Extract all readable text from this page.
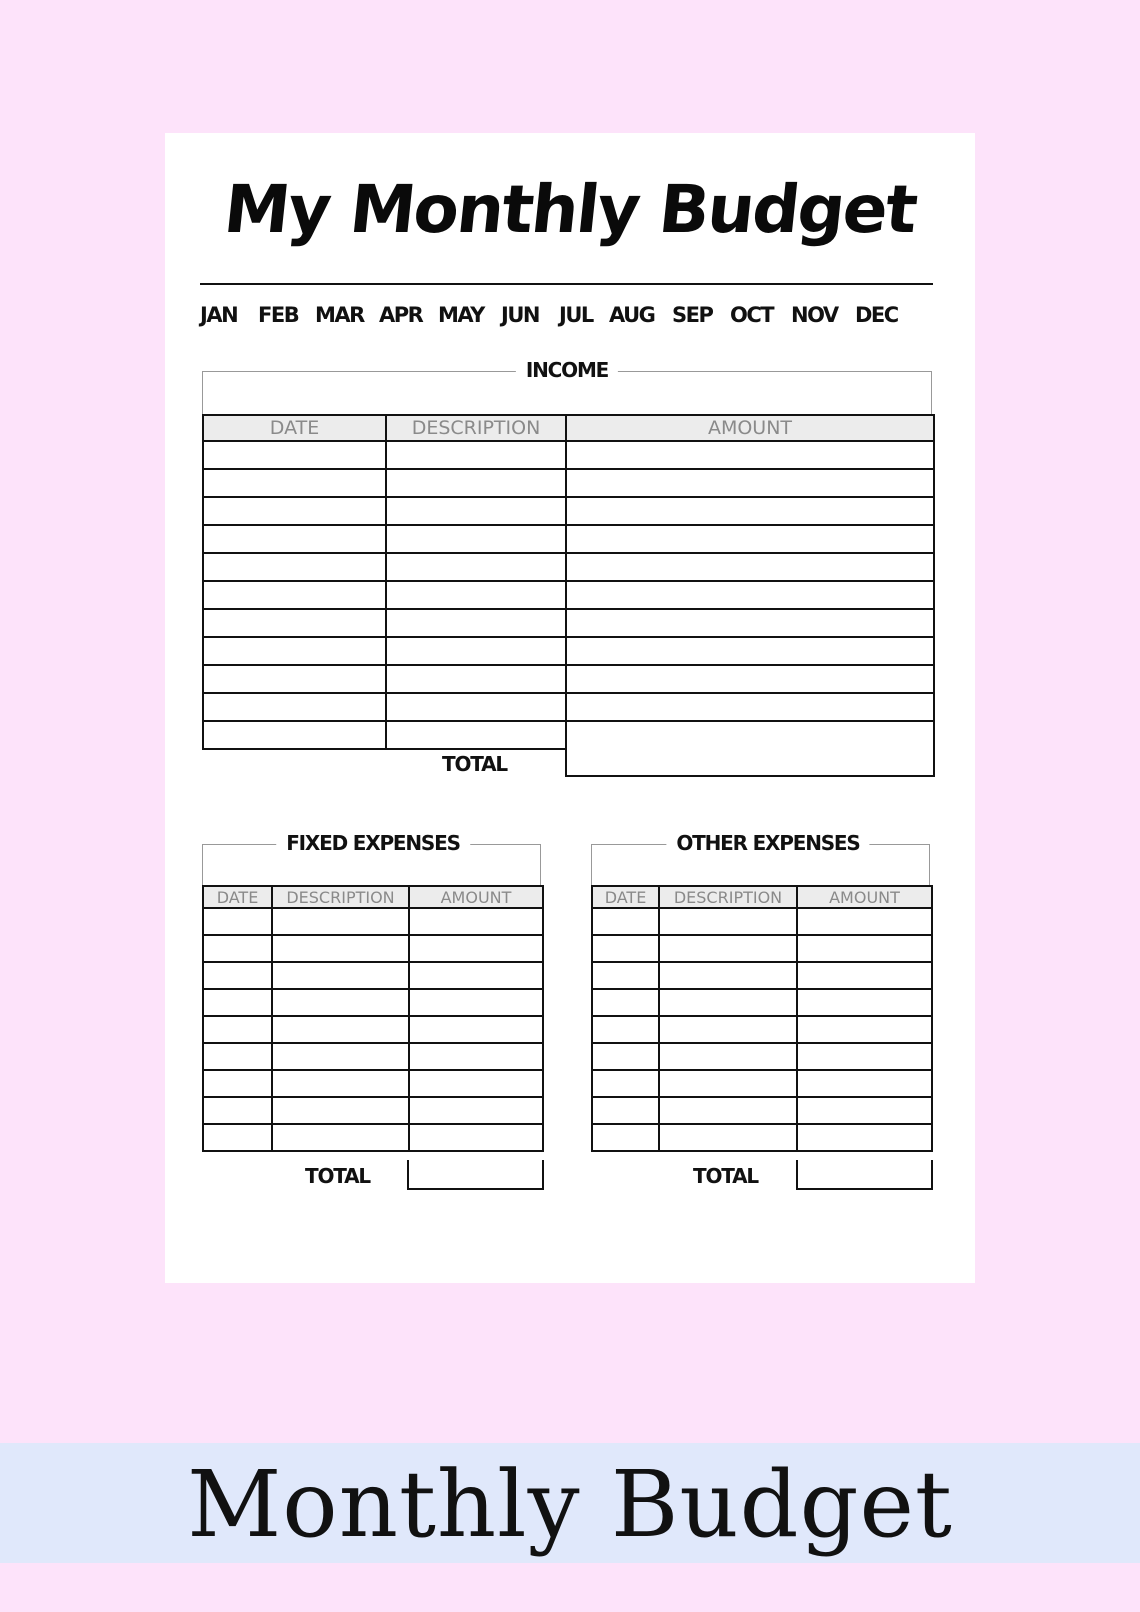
My Monthly Budget
JAN FEB MAR APR MAY JUN JUL AUG SEP OCT NOV DEC
INCOME
DATE	DESCRIPTION	AMOUNT

TOTAL
FIXED EXPENSES
DATE	DESCRIPTION	AMOUNT

TOTAL
OTHER EXPENSES
DATE	DESCRIPTION	AMOUNT

TOTAL
Monthly Budget
